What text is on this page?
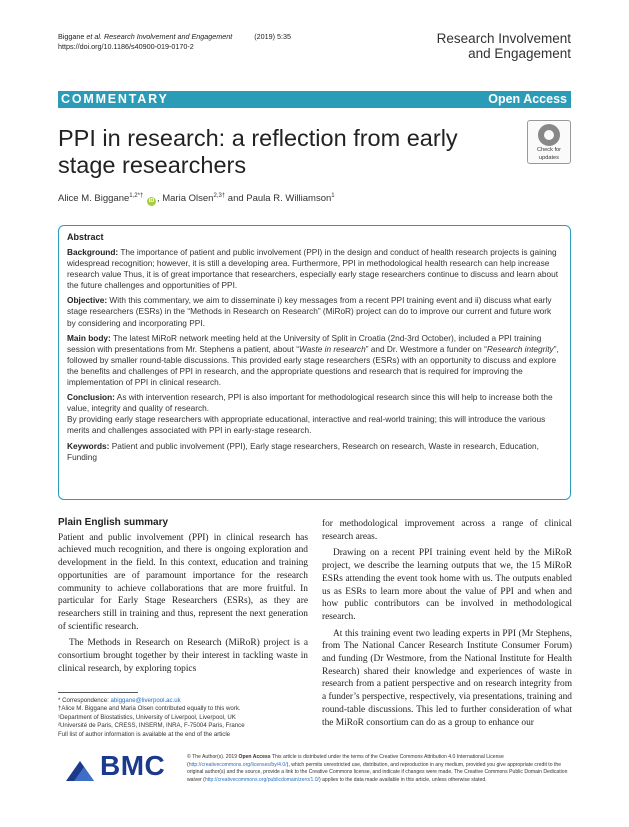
Biggane et al. Research Involvement and Engagement	(2019) 5:35
https://doi.org/10.1186/s40900-019-0170-2
Research Involvement
and Engagement
COMMENTARY	Open Access
PPI in research: a reflection from early
stage researchers
Check for
updates
Alice M. Biggane$^{1,2*\dagger}$ iD , Maria Olsen$^{2,3\dagger}$ and Paula R. Williamson$^1$
Abstract

Background: The importance of patient and public involvement (PPI) in the design and conduct of health research projects is gaining widespread recognition; however, it is still a developing area. Furthermore, PPI in methodological health research can help increase research value Thus, it is of great importance that researchers, especially early stage researchers continue to discuss and learn about the future challenges and opportunities of PPI.

Objective: With this commentary, we aim to disseminate i) key messages from a recent PPI training event and ii) discuss what early stage researchers (ESRs) in the “Methods in Research on Research” (MiRoR) project can do to improve our current and future work by considering and incorporating PPI.

Main body: The latest MiRoR network meeting held at the University of Split in Croatia (2nd-3rd October), included a PPI training session with presentations from Mr. Stephens a patient, about “Waste in research” and Dr. Westmore a funder on “Research integrity”, followed by smaller round-table discussions. This provided early stage researchers (ESRs) with an opportunity to discuss and explore the benefits and challenges of PPI in research, and the appropriate questions and research that is required for improving the implementation of PPI in clinical research.

Conclusion: As with intervention research, PPI is also important for methodological research since this will help to increase both the value, integrity and quality of research.

By providing early stage researchers with appropriate educational, interactive and real-world training; this will introduce the various merits and challenges associated with PPI in early-stage research.

Keywords: Patient and public involvement (PPI), Early stage researchers, Research on research, Waste in research, Education, Funding

Plain English summary

Patient and public involvement (PPI) in clinical research has achieved much recognition, and there is ongoing exploration and development in the field. In this context, education and training opportunities are of paramount importance for the research community to achieve collaborations that are more fruitful. In particular for Early Stage Researchers (ESRs), as they are researchers still in training and thus, represent the next generation of scientific research.

The Methods in Research on Research (MiRoR) project is a consortium brought together by their interest in tackling waste in clinical research, by exploring topics

for methodological improvement across a range of clinical research areas.

Drawing on a recent PPI training event held by the MiRoR project, we describe the learning outputs that we, the 15 MiRoR ESRs attending the event took home with us. The outputs enabled us as ESRs to learn more about the value of PPI and when and how public contributors can be involved in methodological research.

At this training event two leading experts in PPI (Mr Stephens, from The National Cancer Research Institute Consumer Forum) and funding (Dr Westmore, from the National Institute for Health Research) shared their knowledge and experiences of waste in research from a patient perspective and on research integrity from a funder’s perspective, respectively, via presentations, training and round-table discussions. This led to further consideration of what the MiRoR consortium can do as a group to enhance our

* Correspondence: abiggane@liverpool.ac.uk
†Alice M. Biggane and Maria Olsen contributed equally to this work.
¹Department of Biostatistics, University of Liverpool, Liverpool, UK
²Université de Paris, CRESS, INSERM, INRA, F-75004 Paris, France
Full list of author information is available at the end of the article
BMC	© The Author(s). 2019 Open Access This article is distributed under the terms of the Creative Commons Attribution 4.0 International License (http://creativecommons.org/licenses/by/4.0/), which permits unrestricted use, distribution, and reproduction in any medium, provided you give appropriate credit to the original author(s) and the source, provide a link to the Creative Commons license, and indicate if changes were made. The Creative Commons Public Domain Dedication waiver (http://creativecommons.org/publicdomain/zero/1.0/) applies to the data made available in this article, unless otherwise stated.
